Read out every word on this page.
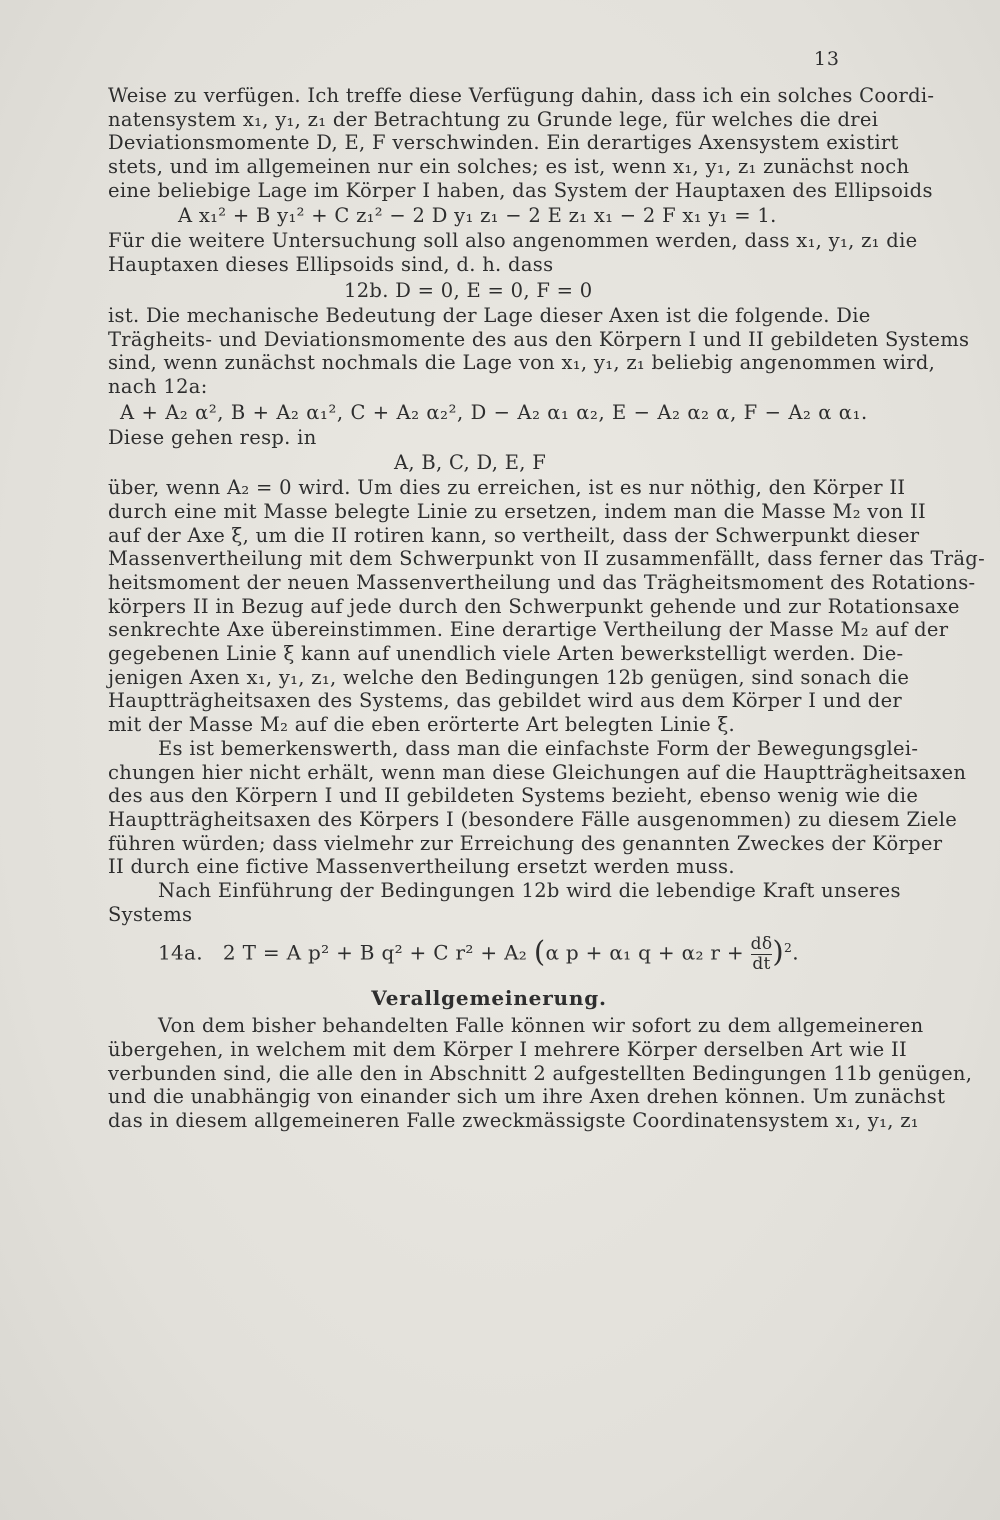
13
Weise zu verfügen. Ich treffe diese Verfügung dahin, dass ich ein solches Coordi-
natensystem x₁, y₁, z₁ der Betrachtung zu Grunde lege, für welches die drei
Deviationsmomente D, E, F verschwinden. Ein derartiges Axensystem existirt
stets, und im allgemeinen nur ein solches; es ist, wenn x₁, y₁, z₁ zunächst noch
eine beliebige Lage im Körper I haben, das System der Hauptaxen des Ellipsoids
A x₁² + B y₁² + C z₁² − 2 D y₁ z₁ − 2 E z₁ x₁ − 2 F x₁ y₁ = 1.
Für die weitere Untersuchung soll also angenommen werden, dass x₁, y₁, z₁ die
Hauptaxen dieses Ellipsoids sind, d. h. dass
12b. D = 0, E = 0, F = 0
ist. Die mechanische Bedeutung der Lage dieser Axen ist die folgende. Die
Trägheits- und Deviationsmomente des aus den Körpern I und II gebildeten Systems
sind, wenn zunächst nochmals die Lage von x₁, y₁, z₁ beliebig angenommen wird,
nach 12a:
A + A₂ α², B + A₂ α₁², C + A₂ α₂², D − A₂ α₁ α₂, E − A₂ α₂ α, F − A₂ α α₁.
Diese gehen resp. in
A, B, C, D, E, F
über, wenn A₂ = 0 wird. Um dies zu erreichen, ist es nur nöthig, den Körper II
durch eine mit Masse belegte Linie zu ersetzen, indem man die Masse M₂ von II
auf der Axe ξ, um die II rotiren kann, so vertheilt, dass der Schwerpunkt dieser
Massenvertheilung mit dem Schwerpunkt von II zusammenfällt, dass ferner das Träg-
heitsmoment der neuen Massenvertheilung und das Trägheitsmoment des Rotations-
körpers II in Bezug auf jede durch den Schwerpunkt gehende und zur Rotationsaxe
senkrechte Axe übereinstimmen. Eine derartige Vertheilung der Masse M₂ auf der
gegebenen Linie ξ kann auf unendlich viele Arten bewerkstelligt werden. Die-
jenigen Axen x₁, y₁, z₁, welche den Bedingungen 12b genügen, sind sonach die
Hauptträgheitsaxen des Systems, das gebildet wird aus dem Körper I und der
mit der Masse M₂ auf die eben erörterte Art belegten Linie ξ.
Es ist bemerkenswerth, dass man die einfachste Form der Bewegungsglei-
chungen hier nicht erhält, wenn man diese Gleichungen auf die Hauptträgheitsaxen
des aus den Körpern I und II gebildeten Systems bezieht, ebenso wenig wie die
Hauptträgheitsaxen des Körpers I (besondere Fälle ausgenommen) zu diesem Ziele
führen würden; dass vielmehr zur Erreichung des genannten Zweckes der Körper
II durch eine fictive Massenvertheilung ersetzt werden muss.
Nach Einführung der Bedingungen 12b wird die lebendige Kraft unseres
Systems
14a. 2 T = A p² + B q² + C r² + A₂ (α p + α₁ q + α₂ $r + \frac{d\delta}{dt} )^2$.
Verallgemeinerung.
Von dem bisher behandelten Falle können wir sofort zu dem allgemeineren
übergehen, in welchem mit dem Körper I mehrere Körper derselben Art wie II
verbunden sind, die alle den in Abschnitt 2 aufgestellten Bedingungen 11b genügen,
und die unabhängig von einander sich um ihre Axen drehen können. Um zunächst
das in diesem allgemeineren Falle zweckmässigste Coordinatensystem x₁, y₁, z₁
